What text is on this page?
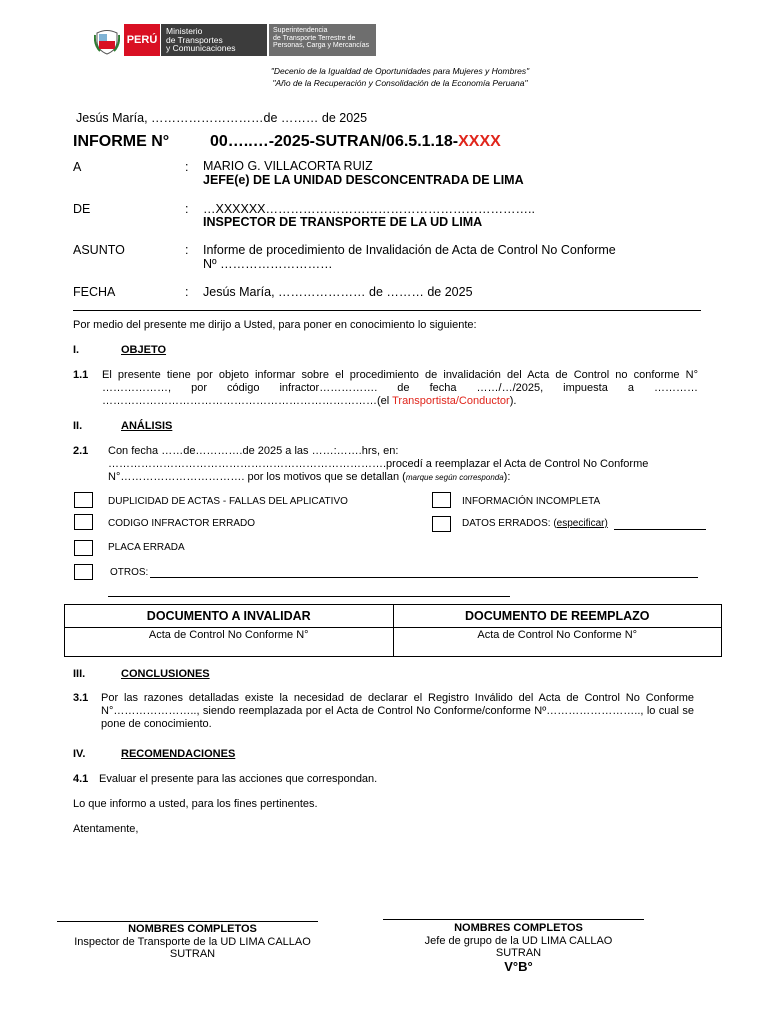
PERÚ
Ministerio
de Transportes
y Comunicaciones
Superintendencia
de Transporte Terrestre de
Personas, Carga y Mercancías
"Decenio de la Igualdad de Oportunidades para Mujeres y Hombres"
"Año de la Recuperación y Consolidación de la Economía Peruana"
Jesús María, ………………………de ……… de 2025
INFORME N°	00…..…-2025-SUTRAN/06.5.1.18-XXXX
A	: MARIO G. VILLACORTA RUIZ
JEFE(e) DE LA UNIDAD DESCONCENTRADA DE LIMA
DE	: …XXXXXX………………………………………………………..
INSPECTOR DE TRANSPORTE DE LA UD LIMA
ASUNTO	: Informe de procedimiento de Invalidación de Acta de Control No Conforme
Nº ………………………
FECHA	: Jesús María, ………………… de ……… de 2025
Por medio del presente me dirijo a Usted, para poner en conocimiento lo siguiente:
I.	OBJETO
1.1 El presente tiene por objeto informar sobre el procedimiento de invalidación del Acta de Control no conforme N° ………………, por código infractor……………. de fecha ……/…/2025, impuesta a ………… …………………………………………………………………(el Transportista/Conductor).
II.	ANÁLISIS
2.1 Con fecha ……de………….de 2025 a las ……:…….hrs, en:
………………………………………………………………….procedí a reemplazar el Acta de Control No Conforme
N°……………………………. por los motivos que se detallan (marque según corresponda):
DUPLICIDAD DE ACTAS - FALLAS DEL APLICATIVO	INFORMACIÓN INCOMPLETA
CODIGO INFRACTOR ERRADO	DATOS ERRADOS: (especificar)
PLACA ERRADA
OTROS:
DOCUMENTO A INVALIDAR	DOCUMENTO DE REEMPLAZO
Acta de Control No Conforme N°	Acta de Control No Conforme N°
III.	CONCLUSIONES
3.1 Por las razones detalladas existe la necesidad de declarar el Registro Inválido del Acta de Control No Conforme N°………………….., siendo reemplazada por el Acta de Control No Conforme/conforme Nº…………………….., lo cual se pone de conocimiento.
IV.	RECOMENDACIONES
4.1 Evaluar el presente para las acciones que correspondan.
Lo que informo a usted, para los fines pertinentes.
Atentamente,
NOMBRES COMPLETOS
Inspector de Transporte de la UD LIMA CALLAO
SUTRAN
NOMBRES COMPLETOS
Jefe de grupo de la UD LIMA CALLAO
SUTRAN
V°B°
